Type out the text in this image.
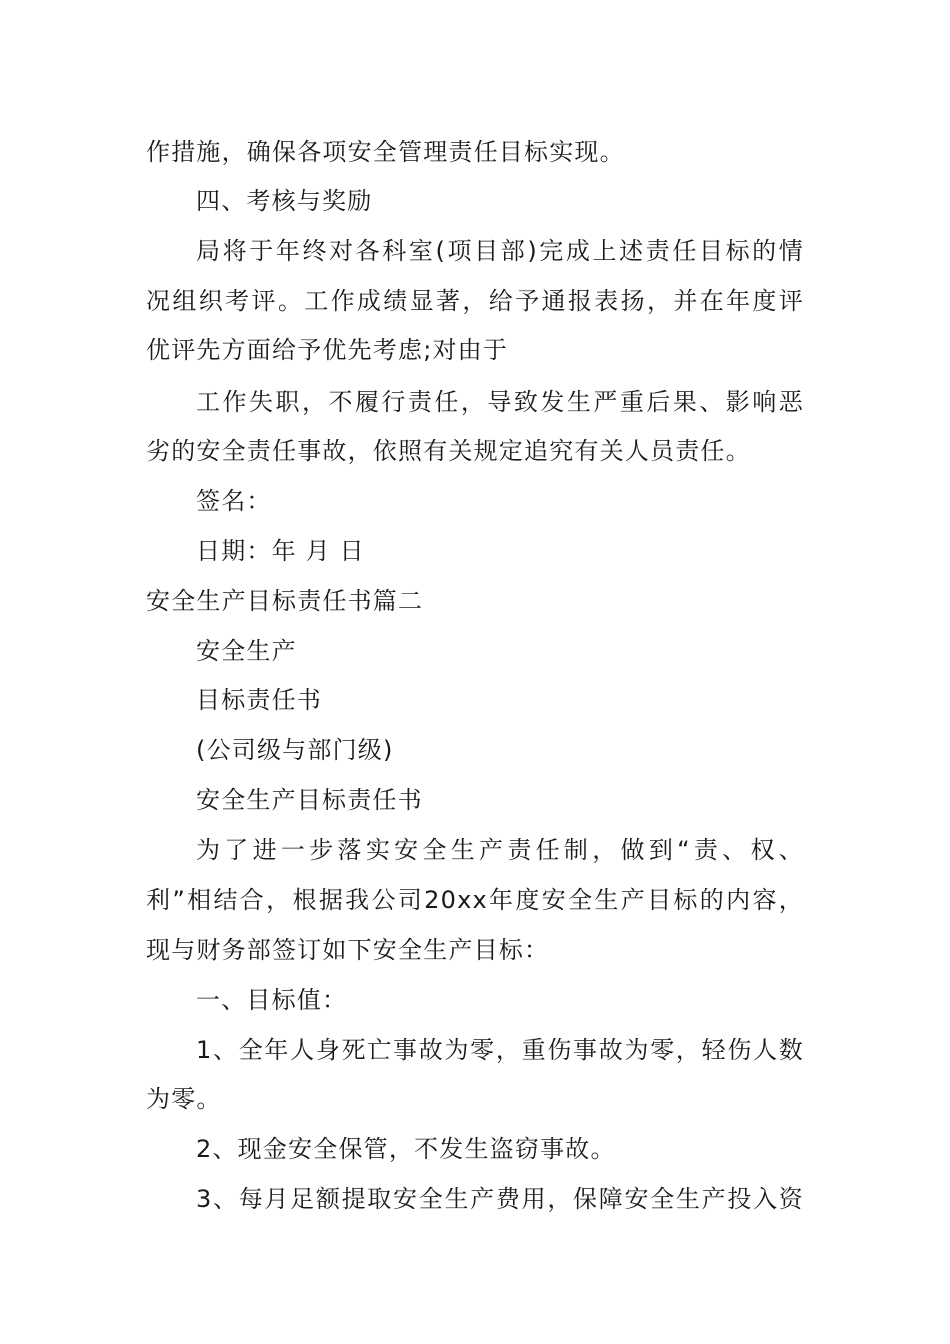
作措施，确保各项安全管理责任目标实现。
四、考核与奖励
局将于年终对各科室(项目部)完成上述责任目标的情
况组织考评。工作成绩显著，给予通报表扬，并在年度评
优评先方面给予优先考虑;对由于
工作失职，不履行责任，导致发生严重后果、影响恶
劣的安全责任事故，依照有关规定追究有关人员责任。
签名：
日期：年 月 日
安全生产目标责任书篇二
安全生产
目标责任书
(公司级与部门级)
安全生产目标责任书
为了进一步落实安全生产责任制，做到“责、权、
利”相结合，根据我公司20xx年度安全生产目标的内容，
现与财务部签订如下安全生产目标：
一、目标值：
1、全年人身死亡事故为零，重伤事故为零，轻伤人数
为零。
2、现金安全保管，不发生盗窃事故。
3、每月足额提取安全生产费用，保障安全生产投入资
